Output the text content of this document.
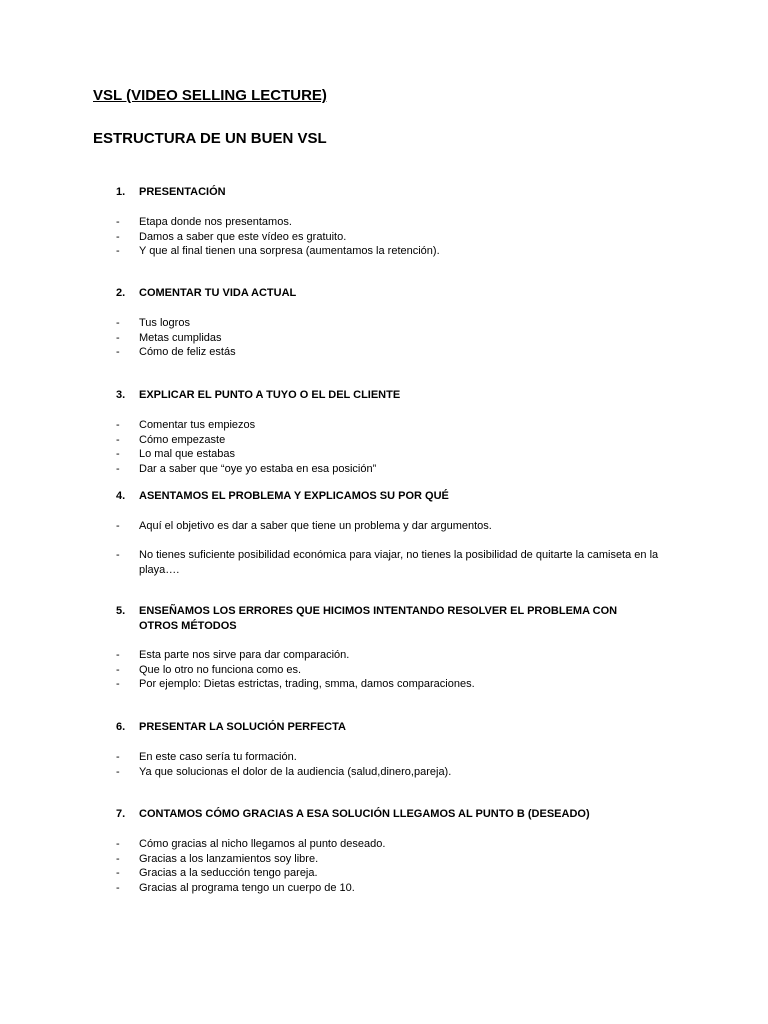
VSL (VIDEO SELLING LECTURE)
ESTRUCTURA DE UN BUEN VSL
1. PRESENTACIÓN
- Etapa donde nos presentamos.
- Damos a saber que este vídeo es gratuito.
- Y que al final tienen una sorpresa (aumentamos la retención).
2. COMENTAR TU VIDA ACTUAL
- Tus logros
- Metas cumplidas
- Cómo de feliz estás
3. EXPLICAR EL PUNTO A TUYO O EL DEL CLIENTE
- Comentar tus empiezos
- Cómo empezaste
- Lo mal que estabas
- Dar a saber que “oye yo estaba en esa posición”
4. ASENTAMOS EL PROBLEMA Y EXPLICAMOS SU POR QUÉ
- Aquí el objetivo es dar a saber que tiene un problema y dar argumentos.
- No tienes suficiente posibilidad económica para viajar, no tienes la posibilidad de quitarte la camiseta en la playa….
5. ENSEÑAMOS LOS ERRORES QUE HICIMOS INTENTANDO RESOLVER EL PROBLEMA CON OTROS MÉTODOS
- Esta parte nos sirve para dar comparación.
- Que lo otro no funciona como es.
- Por ejemplo: Dietas estrictas, trading, smma, damos comparaciones.
6. PRESENTAR LA SOLUCIÓN PERFECTA
- En este caso sería tu formación.
- Ya que solucionas el dolor de la audiencia (salud,dinero,pareja).
7. CONTAMOS CÓMO GRACIAS A ESA SOLUCIÓN LLEGAMOS AL PUNTO B (DESEADO)
- Cómo gracias al nicho llegamos al punto deseado.
- Gracias a los lanzamientos soy libre.
- Gracias a la seducción tengo pareja.
- Gracias al programa tengo un cuerpo de 10.
